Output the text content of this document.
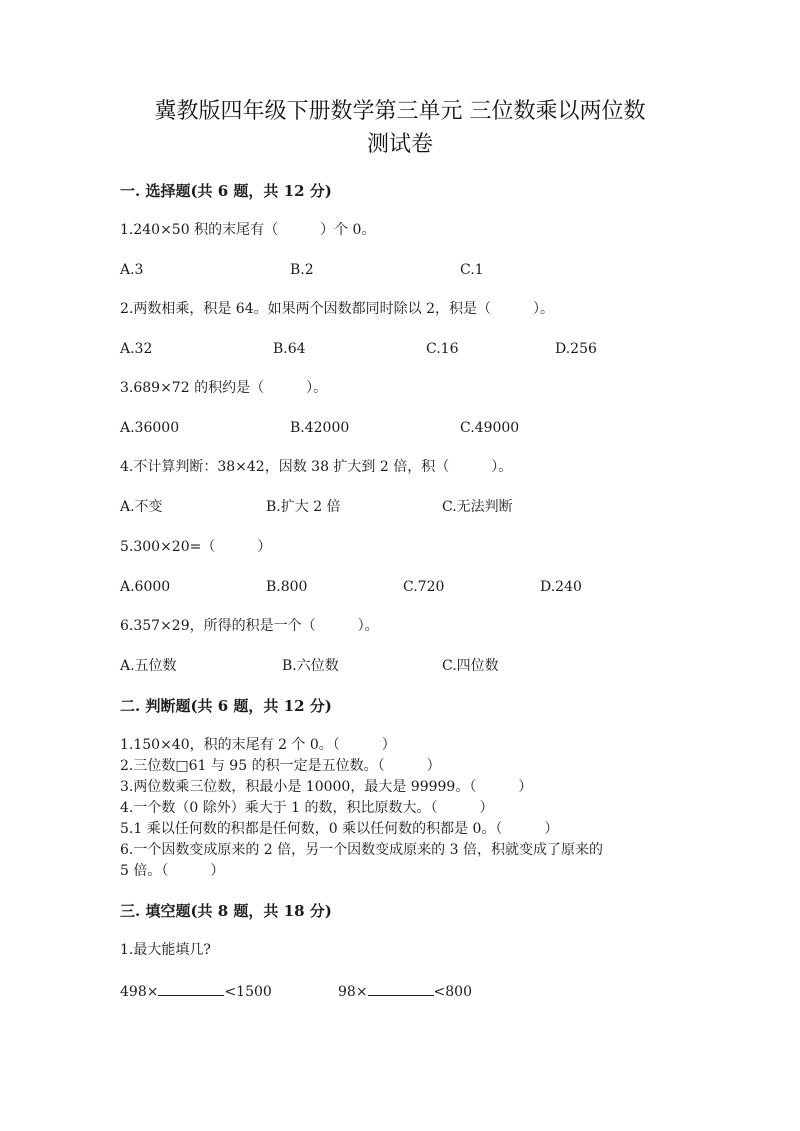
冀教版四年级下册数学第三单元 三位数乘以两位数
测试卷
一. 选择题(共 6 题，共 12 分)
1.240×50 积的末尾有（　　　）个 0。
A.3	B.2	C.1
2.两数相乘，积是 64。如果两个因数都同时除以 2，积是（　　　）。
A.32	B.64	C.16	D.256
3.689×72 的积约是（　　　）。
A.36000	B.42000	C.49000
4.不计算判断：38×42，因数 38 扩大到 2 倍，积（　　　）。
A.不变	B.扩大 2 倍	C.无法判断
5.300×20=（　　　）
A.6000	B.800	C.720	D.240
6.357×29，所得的积是一个（　　　）。
A.五位数	B.六位数	C.四位数
二. 判断题(共 6 题，共 12 分)
1.150×40，积的末尾有 2 个 0。（　　　）
2.三位数□61 与 95 的积一定是五位数。（　　　）
3.两位数乘三位数，积最小是 10000，最大是 99999。（　　　）
4.一个数（0 除外）乘大于 1 的数，积比原数大。（　　　）
5.1 乘以任何数的积都是任何数，0 乘以任何数的积都是 0。（　　　）
6.一个因数变成原来的 2 倍，另一个因数变成原来的 3 倍，积就变成了原来的
5 倍。（　　　）
三. 填空题(共 8 题，共 18 分)
1.最大能填几?
498×	<1500	98×	<800
